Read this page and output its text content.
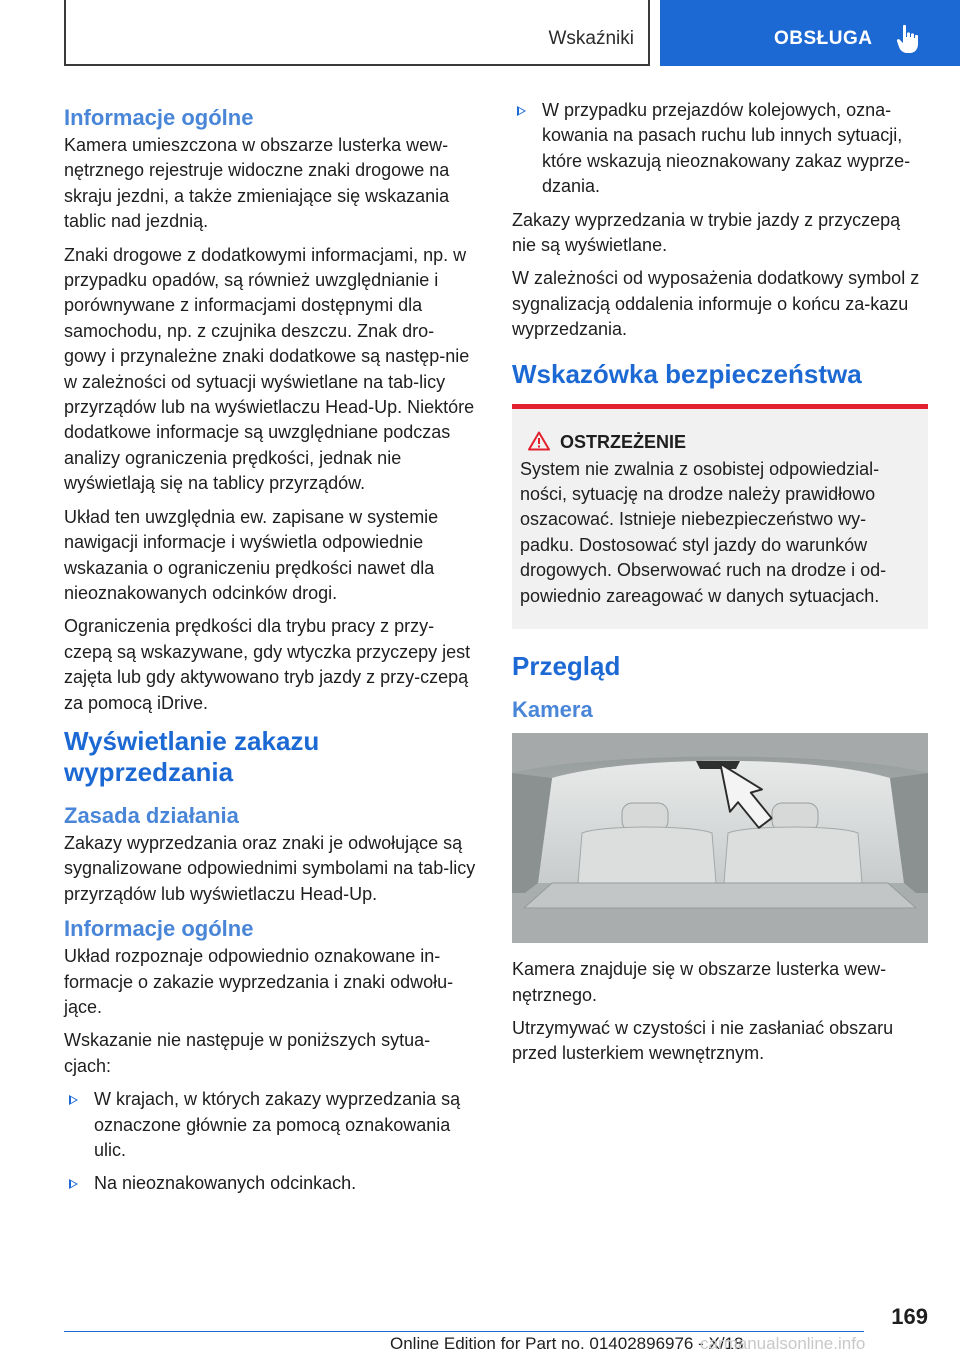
Wskaźniki	OBSŁUGA
Informacje ogólne

Kamera umieszczona w obszarze lusterka wew-nętrznego rejestruje widoczne znaki drogowe na skraju jezdni, a także zmieniające się wskazania tablic nad jezdnią.

Znaki drogowe z dodatkowymi informacjami, np. w przypadku opadów, są również uwzględnianie i porównywane z informacjami dostępnymi dla samochodu, np. z czujnika deszczu. Znak dro-gowy i przynależne znaki dodatkowe są następ-nie w zależności od sytuacji wyświetlane na tab-licy przyrządów lub na wyświetlaczu Head-Up. Niektóre dodatkowe informacje są uwzględniane podczas analizy ograniczenia prędkości, jednak nie wyświetlają się na tablicy przyrządów.

Układ ten uwzględnia ew. zapisane w systemie nawigacji informacje i wyświetla odpowiednie wskazania o ograniczeniu prędkości nawet dla nieoznakowanych odcinków drogi.

Ograniczenia prędkości dla trybu pracy z przy-czepą są wskazywane, gdy wtyczka przyczepy jest zajęta lub gdy aktywowano tryb jazdy z przy-czepą za pomocą iDrive.

Wyświetlanie zakazu wyprzedzania
Zasada działania

Zakazy wyprzedzania oraz znaki je odwołujące są sygnalizowane odpowiednimi symbolami na tab-licy przyrządów lub wyświetlaczu Head-Up.

Informacje ogólne

Układ rozpoznaje odpowiednio oznakowane in-formacje o zakazie wyprzedzania i znaki odwołu-jące.

Wskazanie nie następuje w poniższych sytua-cjach:

W krajach, w których zakazy wyprzedzania są oznaczone głównie za pomocą oznakowania ulic.
Na nieoznakowanych odcinkach.
W przypadku przejazdów kolejowych, ozna-kowania na pasach ruchu lub innych sytuacji, które wskazują nieoznakowany zakaz wyprze-dzania.

Zakazy wyprzedzania w trybie jazdy z przyczepą nie są wyświetlane.

W zależności od wyposażenia dodatkowy symbol z sygnalizacją oddalenia informuje o końcu za-kazu wyprzedzania.

Wskazówka bezpieczeństwa
OSTRZEŻENIE

System nie zwalnia z osobistej odpowiedzial-ności, sytuację na drodze należy prawidłowo oszacować. Istnieje niebezpieczeństwo wy-padku. Dostosować styl jazdy do warunków drogowych. Obserwować ruch na drodze i od-powiednio zareagować w danych sytuacjach.

Przegląd
Kamera

Kamera znajduje się w obszarze lusterka wew-nętrznego.

Utrzymywać w czystości i nie zasłaniać obszaru przed lusterkiem wewnętrznym.

169
Online Edition for Part no. 01402896976 - X/18
carmanualsonline.info
